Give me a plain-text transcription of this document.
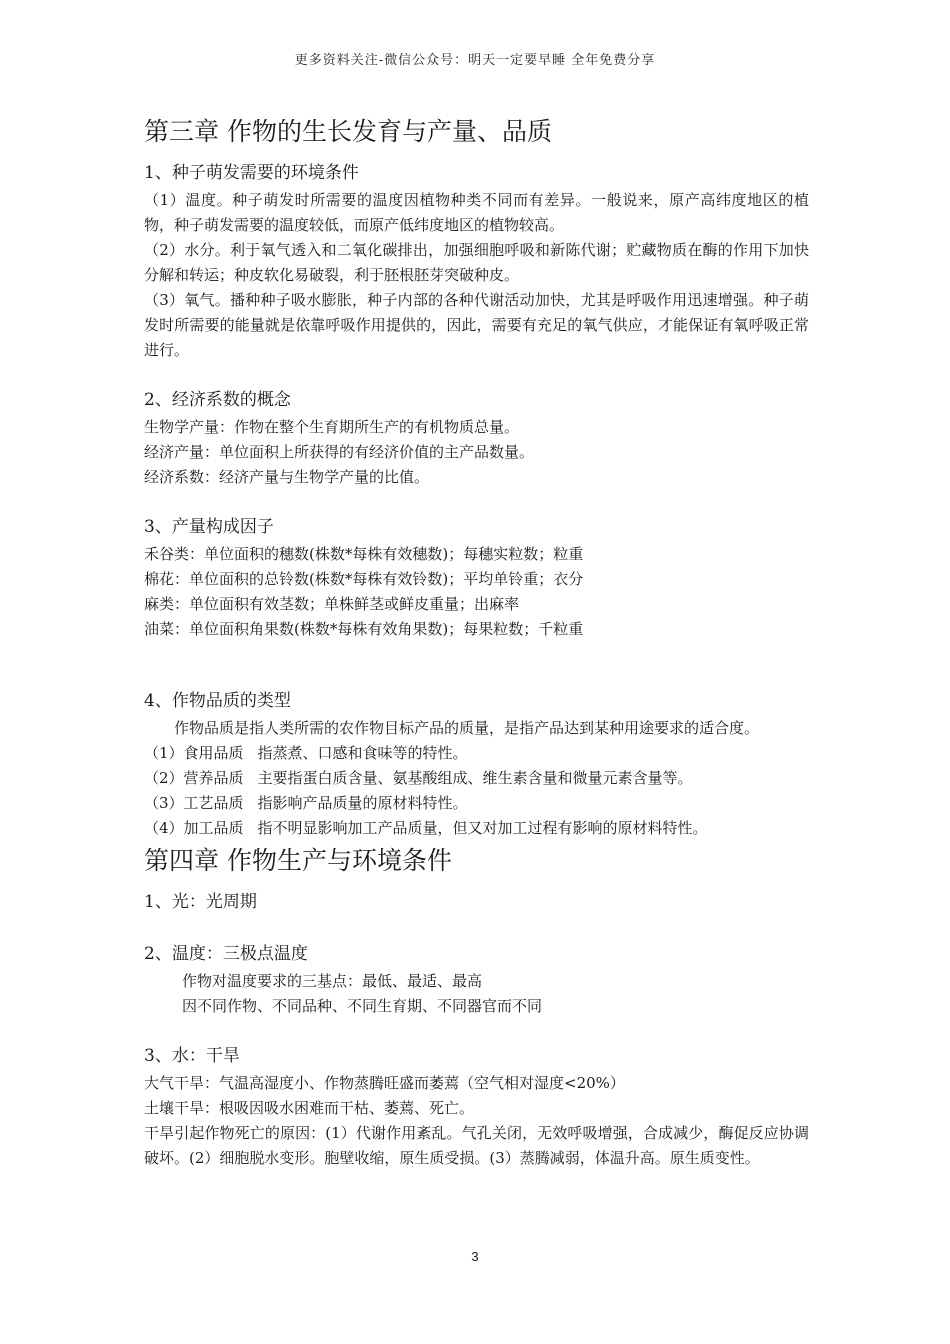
更多资料关注-微信公众号：明天一定要早睡 全年免费分享
第三章 作物的生长发育与产量、品质
1、种子萌发需要的环境条件

（1）温度。种子萌发时所需要的温度因植物种类不同而有差异。一般说来，原产高纬度地区的植物，种子萌发需要的温度较低，而原产低纬度地区的植物较高。

（2）水分。利于氧气透入和二氧化碳排出，加强细胞呼吸和新陈代谢；贮藏物质在酶的作用下加快分解和转运；种皮软化易破裂，利于胚根胚芽突破种皮。

（3）氧气。播种种子吸水膨胀，种子内部的各种代谢活动加快，尤其是呼吸作用迅速增强。种子萌发时所需要的能量就是依靠呼吸作用提供的，因此，需要有充足的氧气供应，才能保证有氧呼吸正常进行。

2、经济系数的概念

生物学产量：作物在整个生育期所生产的有机物质总量。

经济产量：单位面积上所获得的有经济价值的主产品数量。

经济系数：经济产量与生物学产量的比值。

3、产量构成因子

禾谷类：单位面积的穗数(株数*每株有效穗数)；每穗实粒数；粒重

棉花：单位面积的总铃数(株数*每株有效铃数)；平均单铃重；衣分

麻类：单位面积有效茎数；单株鲜茎或鲜皮重量；出麻率

油菜：单位面积角果数(株数*每株有效角果数)；每果粒数；千粒重

4、作物品质的类型

作物品质是指人类所需的农作物目标产品的质量，是指产品达到某种用途要求的适合度。

（1）食用品质 指蒸煮、口感和食味等的特性。

（2）营养品质 主要指蛋白质含量、氨基酸组成、维生素含量和微量元素含量等。

（3）工艺品质 指影响产品质量的原材料特性。

（4）加工品质 指不明显影响加工产品质量，但又对加工过程有影响的原材料特性。

第四章 作物生产与环境条件
1、光：光周期
2、温度：三极点温度

作物对温度要求的三基点：最低、最适、最高

因不同作物、不同品种、不同生育期、不同器官而不同

3、水：干旱

大气干旱：气温高湿度小、作物蒸腾旺盛而萎蔫（空气相对湿度<20%）

土壤干旱：根吸因吸水困难而干枯、萎蔫、死亡。

干旱引起作物死亡的原因：(1）代谢作用紊乱。气孔关闭，无效呼吸增强，合成减少，酶促反应协调破坏。(2）细胞脱水变形。胞壁收缩，原生质受损。(3）蒸腾减弱，体温升高。原生质变性。

3
